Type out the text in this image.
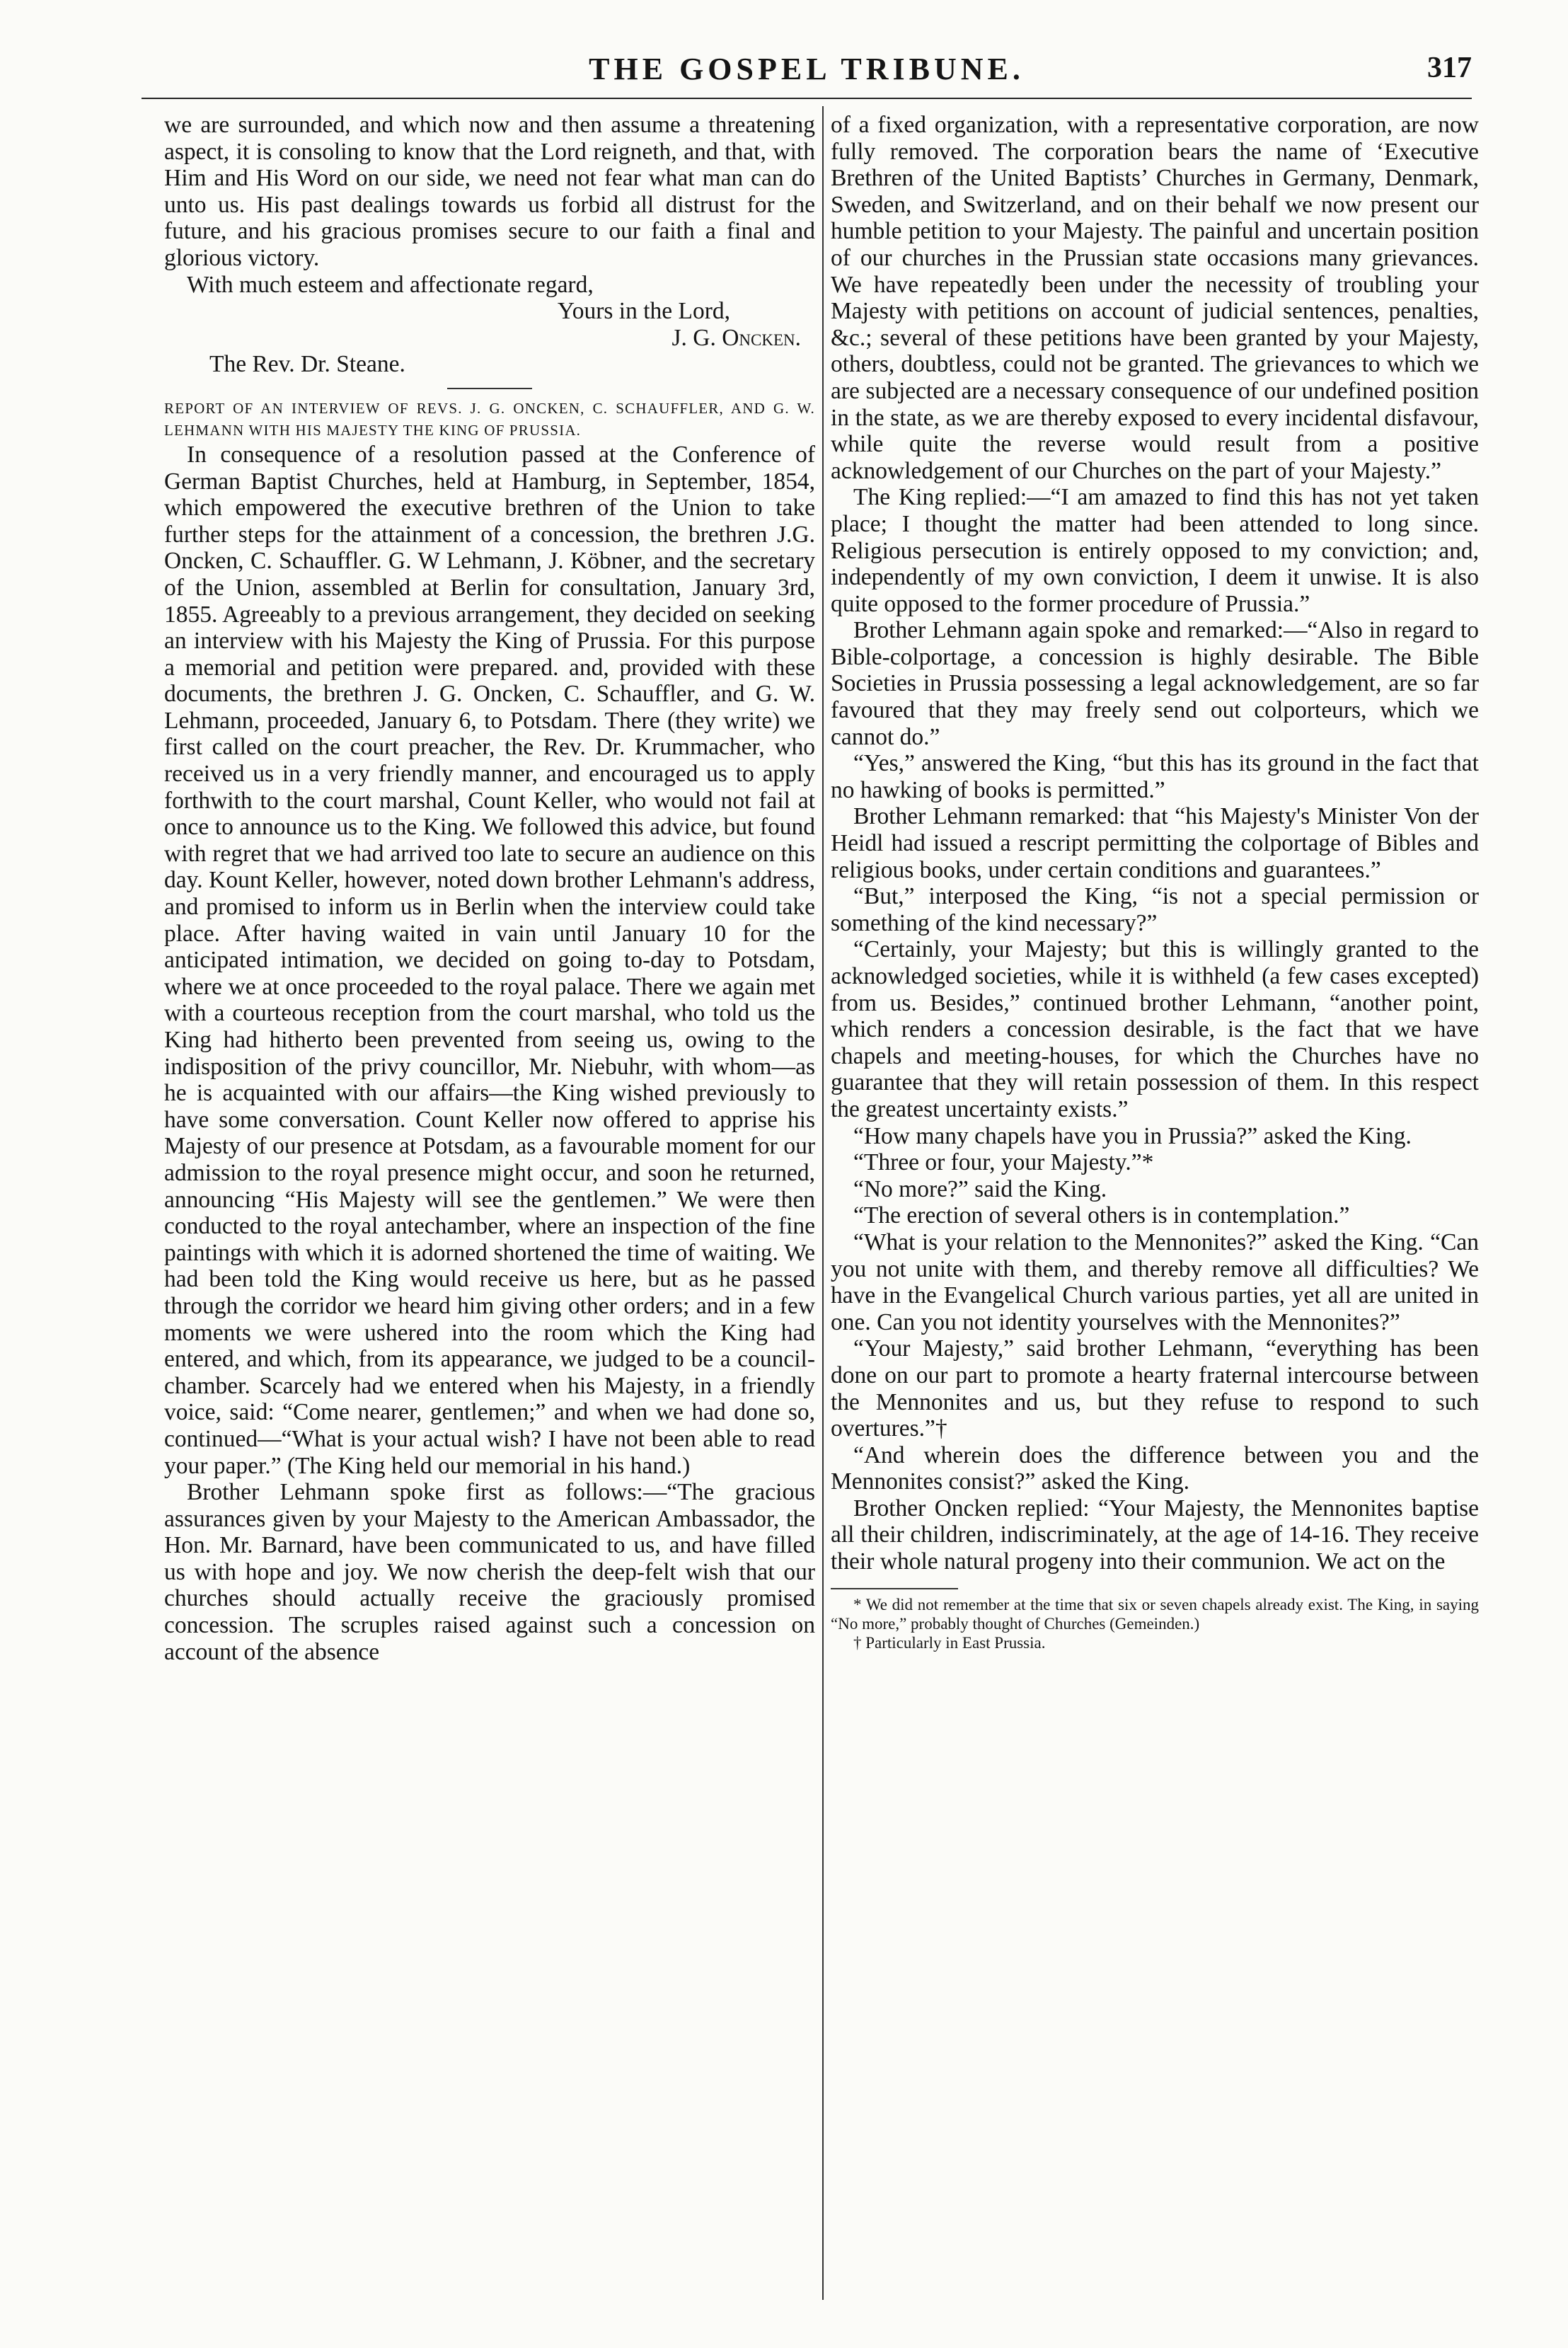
THE GOSPEL TRIBUNE.	317

we are surrounded, and which now and then assume a threatening aspect, it is consoling to know that the Lord reigneth, and that, with Him and His Word on our side, we need not fear what man can do unto us. His past dealings towards us forbid all distrust for the future, and his gracious promises secure to our faith a final and glorious victory.

With much esteem and affectionate regard,

Yours in the Lord,

J. G. Oncken.

The Rev. Dr. Steane.

REPORT OF AN INTERVIEW OF REVS. J. G. ONCKEN, C. SCHAUFFLER, AND G. W. LEHMANN WITH HIS MAJESTY THE KING OF PRUSSIA.

In consequence of a resolution passed at the Conference of German Baptist Churches, held at Hamburg, in September, 1854, which empowered the executive brethren of the Union to take further steps for the attainment of a concession, the brethren J.G. Oncken, C. Schauffler. G. W Lehmann, J. Köbner, and the secretary of the Union, assembled at Berlin for consultation, January 3rd, 1855. Agreeably to a previous arrangement, they decided on seeking an interview with his Majesty the King of Prussia. For this purpose a memorial and petition were prepared. and, provided with these documents, the brethren J. G. Oncken, C. Schauffler, and G. W. Lehmann, proceeded, January 6, to Potsdam. There (they write) we first called on the court preacher, the Rev. Dr. Krummacher, who received us in a very friendly manner, and encouraged us to apply forthwith to the court marshal, Count Keller, who would not fail at once to announce us to the King. We followed this advice, but found with regret that we had arrived too late to secure an audience on this day. Kount Keller, however, noted down brother Lehmann's address, and promised to inform us in Berlin when the interview could take place. After having waited in vain until January 10 for the anticipated intimation, we decided on going to-day to Potsdam, where we at once proceeded to the royal palace. There we again met with a courteous reception from the court marshal, who told us the King had hitherto been prevented from seeing us, owing to the indisposition of the privy councillor, Mr. Niebuhr, with whom—as he is acquainted with our affairs—the King wished previously to have some conversation. Count Keller now offered to apprise his Majesty of our presence at Potsdam, as a favourable moment for our admission to the royal presence might occur, and soon he returned, announcing “His Majesty will see the gentlemen.” We were then conducted to the royal antechamber, where an inspection of the fine paintings with which it is adorned shortened the time of waiting. We had been told the King would receive us here, but as he passed through the corridor we heard him giving other orders; and in a few moments we were ushered into the room which the King had entered, and which, from its appearance, we judged to be a council-chamber. Scarcely had we entered when his Majesty, in a friendly voice, said: “Come nearer, gentlemen;” and when we had done so, continued—“What is your actual wish? I have not been able to read your paper.” (The King held our memorial in his hand.)

Brother Lehmann spoke first as follows:—“The gracious assurances given by your Majesty to the American Ambassador, the Hon. Mr. Barnard, have been communicated to us, and have filled us with hope and joy. We now cherish the deep-felt wish that our churches should actually receive the graciously promised concession. The scruples raised against such a concession on account of the absence

of a fixed organization, with a representative corporation, are now fully removed. The corporation bears the name of ‘Executive Brethren of the United Baptists’ Churches in Germany, Denmark, Sweden, and Switzerland, and on their behalf we now present our humble petition to your Majesty. The painful and uncertain position of our churches in the Prussian state occasions many grievances. We have repeatedly been under the necessity of troubling your Majesty with petitions on account of judicial sentences, penalties, &c.; several of these petitions have been granted by your Majesty, others, doubtless, could not be granted. The grievances to which we are subjected are a necessary consequence of our undefined position in the state, as we are thereby exposed to every incidental disfavour, while quite the reverse would result from a positive acknowledgement of our Churches on the part of your Majesty.”

The King replied:—“I am amazed to find this has not yet taken place; I thought the matter had been attended to long since. Religious persecution is entirely opposed to my conviction; and, independently of my own conviction, I deem it unwise. It is also quite opposed to the former procedure of Prussia.”

Brother Lehmann again spoke and remarked:—“Also in regard to Bible-colportage, a concession is highly desirable. The Bible Societies in Prussia possessing a legal acknowledgement, are so far favoured that they may freely send out colporteurs, which we cannot do.”

“Yes,” answered the King, “but this has its ground in the fact that no hawking of books is permitted.”

Brother Lehmann remarked: that “his Majesty's Minister Von der Heidl had issued a rescript permitting the colportage of Bibles and religious books, under certain conditions and guarantees.”

“But,” interposed the King, “is not a special permission or something of the kind necessary?”

“Certainly, your Majesty; but this is willingly granted to the acknowledged societies, while it is withheld (a few cases excepted) from us. Besides,” continued brother Lehmann, “another point, which renders a concession desirable, is the fact that we have chapels and meeting-houses, for which the Churches have no guarantee that they will retain possession of them. In this respect the greatest uncertainty exists.”

“How many chapels have you in Prussia?” asked the King.

“Three or four, your Majesty.”*

“No more?” said the King.

“The erection of several others is in contemplation.”

“What is your relation to the Mennonites?” asked the King. “Can you not unite with them, and thereby remove all difficulties? We have in the Evangelical Church various parties, yet all are united in one. Can you not identity yourselves with the Mennonites?”

“Your Majesty,” said brother Lehmann, “everything has been done on our part to promote a hearty fraternal intercourse between the Mennonites and us, but they refuse to respond to such overtures.”†

“And wherein does the difference between you and the Mennonites consist?” asked the King.

Brother Oncken replied: “Your Majesty, the Mennonites baptise all their children, indiscriminately, at the age of 14-16. They receive their whole natural progeny into their communion. We act on the

* We did not remember at the time that six or seven chapels already exist. The King, in saying “No more,” probably thought of Churches (Gemeinden.)

† Particularly in East Prussia.
